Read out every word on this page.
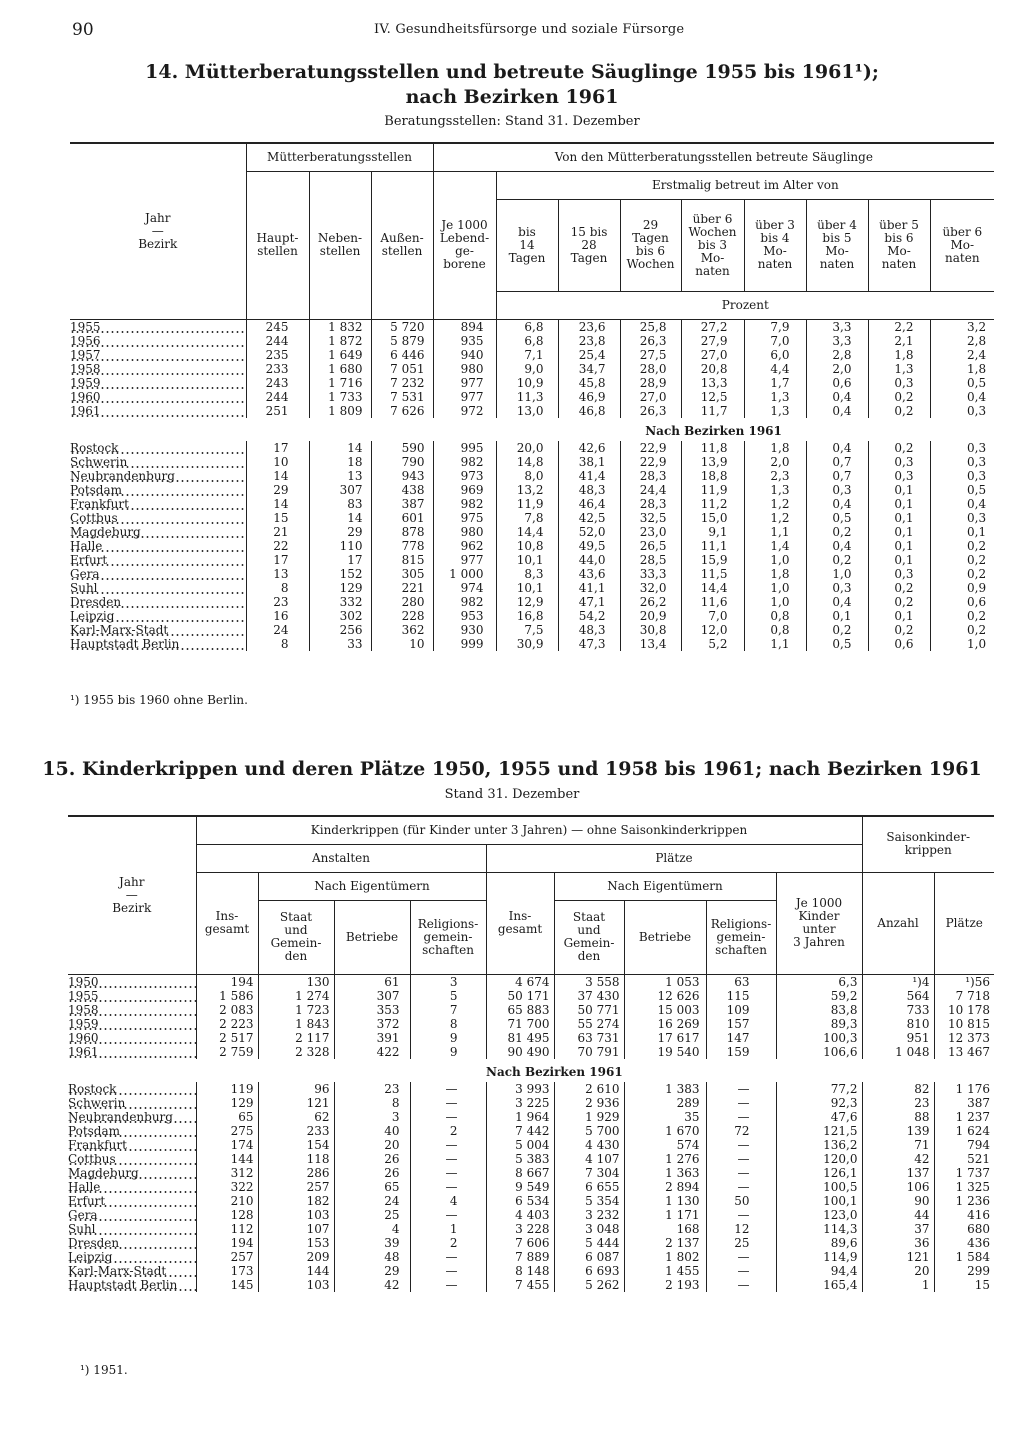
90	IV. Gesundheitsfürsorge und soziale Fürsorge
14. Mütterberatungsstellen und betreute Säuglinge 1955 bis 1961¹);
nach Bezirken 1961
Beratungsstellen: Stand 31. Dezember
Jahr
—
Bezirk	Mütterberatungsstellen			Von den Mütterberatungsstellen betreute Säuglinge								
	Haupt-
stellen	Neben-
stellen	Außen-
stellen	Je 1000
Lebend-
ge-
borene	Erstmalig betreut im Alter von							
					bis
14
Tagen	15 bis
28
Tagen	29
Tagen
bis 6
Wochen	über 6
Wochen
bis 3
Mo-
naten	über 3
bis 4
Mo-
naten	über 4
bis 5
Mo-
naten	über 5
bis 6
Mo-
naten	über 6
Mo-
naten
					Prozent							
1955	245	1 832	5 720	894	6,8	23,6	25,8	27,2	7,9	3,3	2,2	3,2
1956	244	1 872	5 879	935	6,8	23,8	26,3	27,9	7,0	3,3	2,1	2,8
1957	235	1 649	6 446	940	7,1	25,4	27,5	27,0	6,0	2,8	1,8	2,4
1958	233	1 680	7 051	980	9,0	34,7	28,0	20,8	4,4	2,0	1,3	1,8
1959	243	1 716	7 232	977	10,9	45,8	28,9	13,3	1,7	0,6	0,3	0,5
1960	244	1 733	7 531	977	11,3	46,9	27,0	12,5	1,3	0,4	0,2	0,4
1961	251	1 809	7 626	972	13,0	46,8	26,3	11,7	1,3	0,4	0,2	0,3
				Nach Bezirken 1961								
Rostock	17	14	590	995	20,0	42,6	22,9	11,8	1,8	0,4	0,2	0,3
Schwerin	10	18	790	982	14,8	38,1	22,9	13,9	2,0	0,7	0,3	0,3
Neubrandenburg	14	13	943	973	8,0	41,4	28,3	18,8	2,3	0,7	0,3	0,3
Potsdam	29	307	438	969	13,2	48,3	24,4	11,9	1,3	0,3	0,1	0,5
Frankfurt	14	83	387	982	11,9	46,4	28,3	11,2	1,2	0,4	0,1	0,4
Cottbus	15	14	601	975	7,8	42,5	32,5	15,0	1,2	0,5	0,1	0,3
Magdeburg	21	29	878	980	14,4	52,0	23,0	9,1	1,1	0,2	0,1	0,1
Halle	22	110	778	962	10,8	49,5	26,5	11,1	1,4	0,4	0,1	0,2
Erfurt	17	17	815	977	10,1	44,0	28,5	15,9	1,0	0,2	0,1	0,2
Gera	13	152	305	1 000	8,3	43,6	33,3	11,5	1,8	1,0	0,3	0,2
Suhl	8	129	221	974	10,1	41,1	32,0	14,4	1,0	0,3	0,2	0,9
Dresden	23	332	280	982	12,9	47,1	26,2	11,6	1,0	0,4	0,2	0,6
Leipzig	16	302	228	953	16,8	54,2	20,9	7,0	0,8	0,1	0,1	0,2
Karl-Marx-Stadt	24	256	362	930	7,5	48,3	30,8	12,0	0,8	0,2	0,2	0,2
Hauptstadt Berlin	8	33	10	999	30,9	47,3	13,4	5,2	1,1	0,5	0,6	1,0
¹) 1955 bis 1960 ohne Berlin.
15. Kinderkrippen und deren Plätze 1950, 1955 und 1958 bis 1961; nach Bezirken 1961
Stand 31. Dezember
Jahr
—
Bezirk	Kinderkrippen (für Kinder unter 3 Jahren) — ohne Saisonkinderkrippen									Saisonkinder-
krippen	
	Anstalten				Plätze						
	Ins-
gesamt	Nach Eigentümern			Ins-
gesamt	Nach Eigentümern			Je 1000
Kinder
unter
3 Jahren	Anzahl	Plätze
		Staat
und
Gemein-
den	Betriebe	Religions-
gemein-
schaften		Staat
und
Gemein-
den	Betriebe	Religions-
gemein-
schaften			
1950	194	130	61	3	4 674	3 558	1 053	63	6,3	¹)4	¹)56
1955	1 586	1 274	307	5	50 171	37 430	12 626	115	59,2	564	7 718
1958	2 083	1 723	353	7	65 883	50 771	15 003	109	83,8	733	10 178
1959	2 223	1 843	372	8	71 700	55 274	16 269	157	89,3	810	10 815
1960	2 517	2 117	391	9	81 495	63 731	17 617	147	100,3	951	12 373
1961	2 759	2 328	422	9	90 490	70 791	19 540	159	106,6	1 048	13 467
					Nach Bezirken 1961						
Rostock	119	96	23	—	3 993	2 610	1 383	—	77,2	82	1 176
Schwerin	129	121	8	—	3 225	2 936	289	—	92,3	23	387
Neubrandenburg	65	62	3	—	1 964	1 929	35	—	47,6	88	1 237
Potsdam	275	233	40	2	7 442	5 700	1 670	72	121,5	139	1 624
Frankfurt	174	154	20	—	5 004	4 430	574	—	136,2	71	794
Cottbus	144	118	26	—	5 383	4 107	1 276	—	120,0	42	521
Magdeburg	312	286	26	—	8 667	7 304	1 363	—	126,1	137	1 737
Halle	322	257	65	—	9 549	6 655	2 894	—	100,5	106	1 325
Erfurt	210	182	24	4	6 534	5 354	1 130	50	100,1	90	1 236
Gera	128	103	25	—	4 403	3 232	1 171	—	123,0	44	416
Suhl	112	107	4	1	3 228	3 048	168	12	114,3	37	680
Dresden	194	153	39	2	7 606	5 444	2 137	25	89,6	36	436
Leipzig	257	209	48	—	7 889	6 087	1 802	—	114,9	121	1 584
Karl-Marx-Stadt	173	144	29	—	8 148	6 693	1 455	—	94,4	20	299
Hauptstadt Berlin	145	103	42	—	7 455	5 262	2 193	—	165,4	1	15
¹) 1951.
